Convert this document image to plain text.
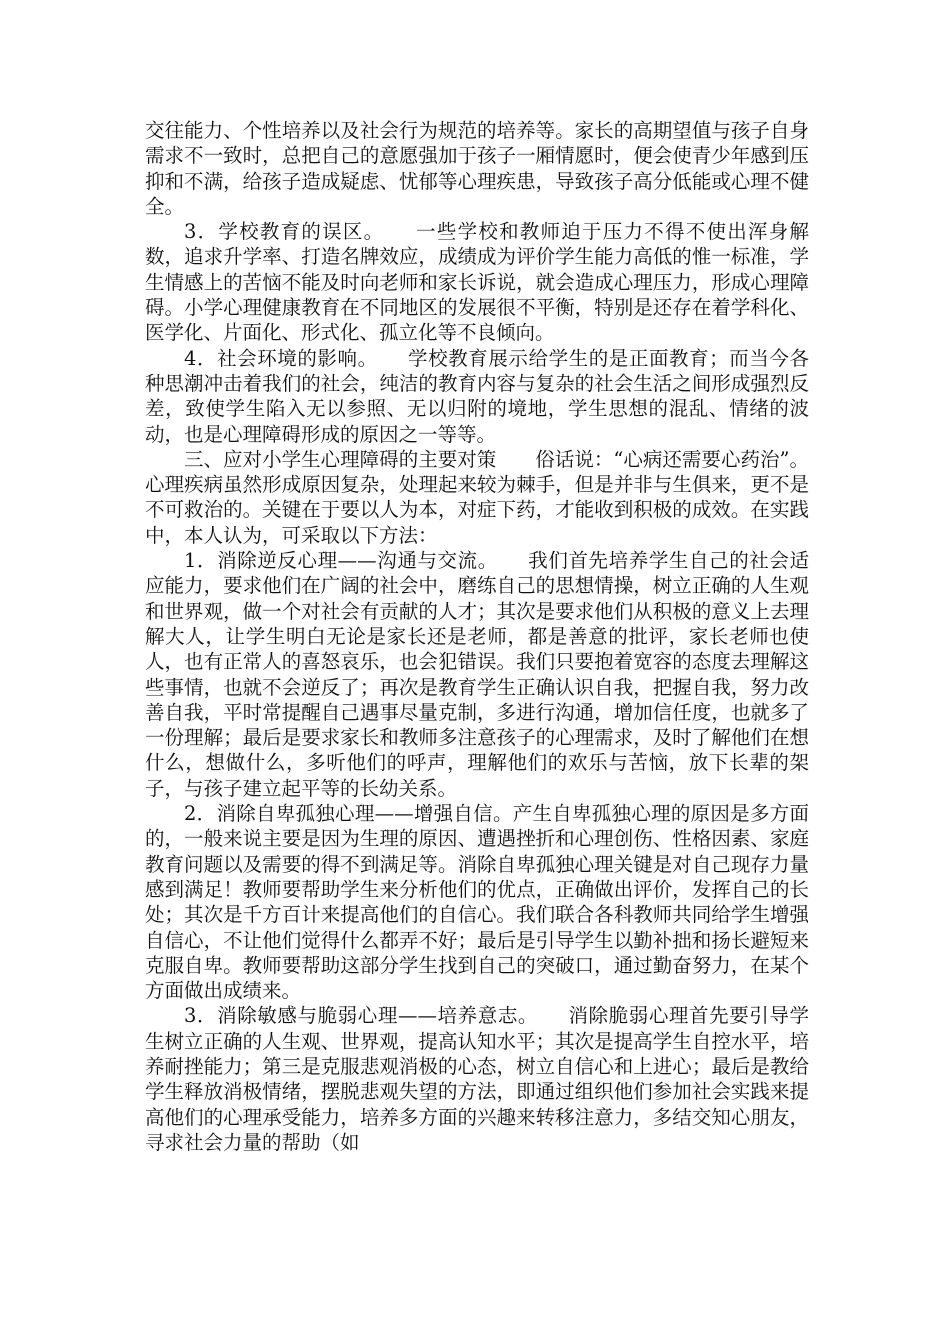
交往能力、个性培养以及社会行为规范的培养等。家长的高期望值与孩子自身需求不一致时，总把自己的意愿强加于孩子一厢情愿时，便会使青少年感到压抑和不满，给孩子造成疑虑、忧郁等心理疾患，导致孩子高分低能或心理不健全。

3．学校教育的误区。　　一些学校和教师迫于压力不得不使出浑身解数，追求升学率、打造名牌效应，成绩成为评价学生能力高低的惟一标准，学生情感上的苦恼不能及时向老师和家长诉说，就会造成心理压力，形成心理障碍。小学心理健康教育在不同地区的发展很不平衡，特别是还存在着学科化、医学化、片面化、形式化、孤立化等不良倾向。

4．社会环境的影响。　　学校教育展示给学生的是正面教育；而当今各种思潮冲击着我们的社会，纯洁的教育内容与复杂的社会生活之间形成强烈反差，致使学生陷入无以参照、无以归附的境地，学生思想的混乱、情绪的波动，也是心理障碍形成的原因之一等等。

三、应对小学生心理障碍的主要对策　　俗话说：“心病还需要心药治”。心理疾病虽然形成原因复杂，处理起来较为棘手，但是并非与生俱来，更不是不可救治的。关键在于要以人为本，对症下药，才能收到积极的成效。在实践中，本人认为，可采取以下方法：

1．消除逆反心理——沟通与交流。　　我们首先培养学生自己的社会适应能力，要求他们在广阔的社会中，磨练自己的思想情操，树立正确的人生观和世界观，做一个对社会有贡献的人才；其次是要求他们从积极的意义上去理解大人，让学生明白无论是家长还是老师，都是善意的批评，家长老师也使人，也有正常人的喜怒哀乐，也会犯错误。我们只要抱着宽容的态度去理解这些事情，也就不会逆反了；再次是教育学生正确认识自我，把握自我，努力改善自我，平时常提醒自己遇事尽量克制，多进行沟通，增加信任度，也就多了一份理解；最后是要求家长和教师多注意孩子的心理需求，及时了解他们在想什么，想做什么，多听他们的呼声，理解他们的欢乐与苦恼，放下长辈的架子，与孩子建立起平等的长幼关系。

2．消除自卑孤独心理——增强自信。产生自卑孤独心理的原因是多方面的，一般来说主要是因为生理的原因、遭遇挫折和心理创伤、性格因素、家庭教育问题以及需要的得不到满足等。消除自卑孤独心理关键是对自己现存力量感到满足！教师要帮助学生来分析他们的优点，正确做出评价，发挥自己的长处；其次是千方百计来提高他们的自信心。我们联合各科教师共同给学生增强自信心，不让他们觉得什么都弄不好；最后是引导学生以勤补拙和扬长避短来克服自卑。教师要帮助这部分学生找到自己的突破口，通过勤奋努力，在某个方面做出成绩来。

3．消除敏感与脆弱心理——培养意志。　　消除脆弱心理首先要引导学生树立正确的人生观、世界观，提高认知水平；其次是提高学生自控水平，培养耐挫能力；第三是克服悲观消极的心态，树立自信心和上进心；最后是教给学生释放消极情绪，摆脱悲观失望的方法，即通过组织他们参加社会实践来提高他们的心理承受能力，培养多方面的兴趣来转移注意力，多结交知心朋友，寻求社会力量的帮助（如
